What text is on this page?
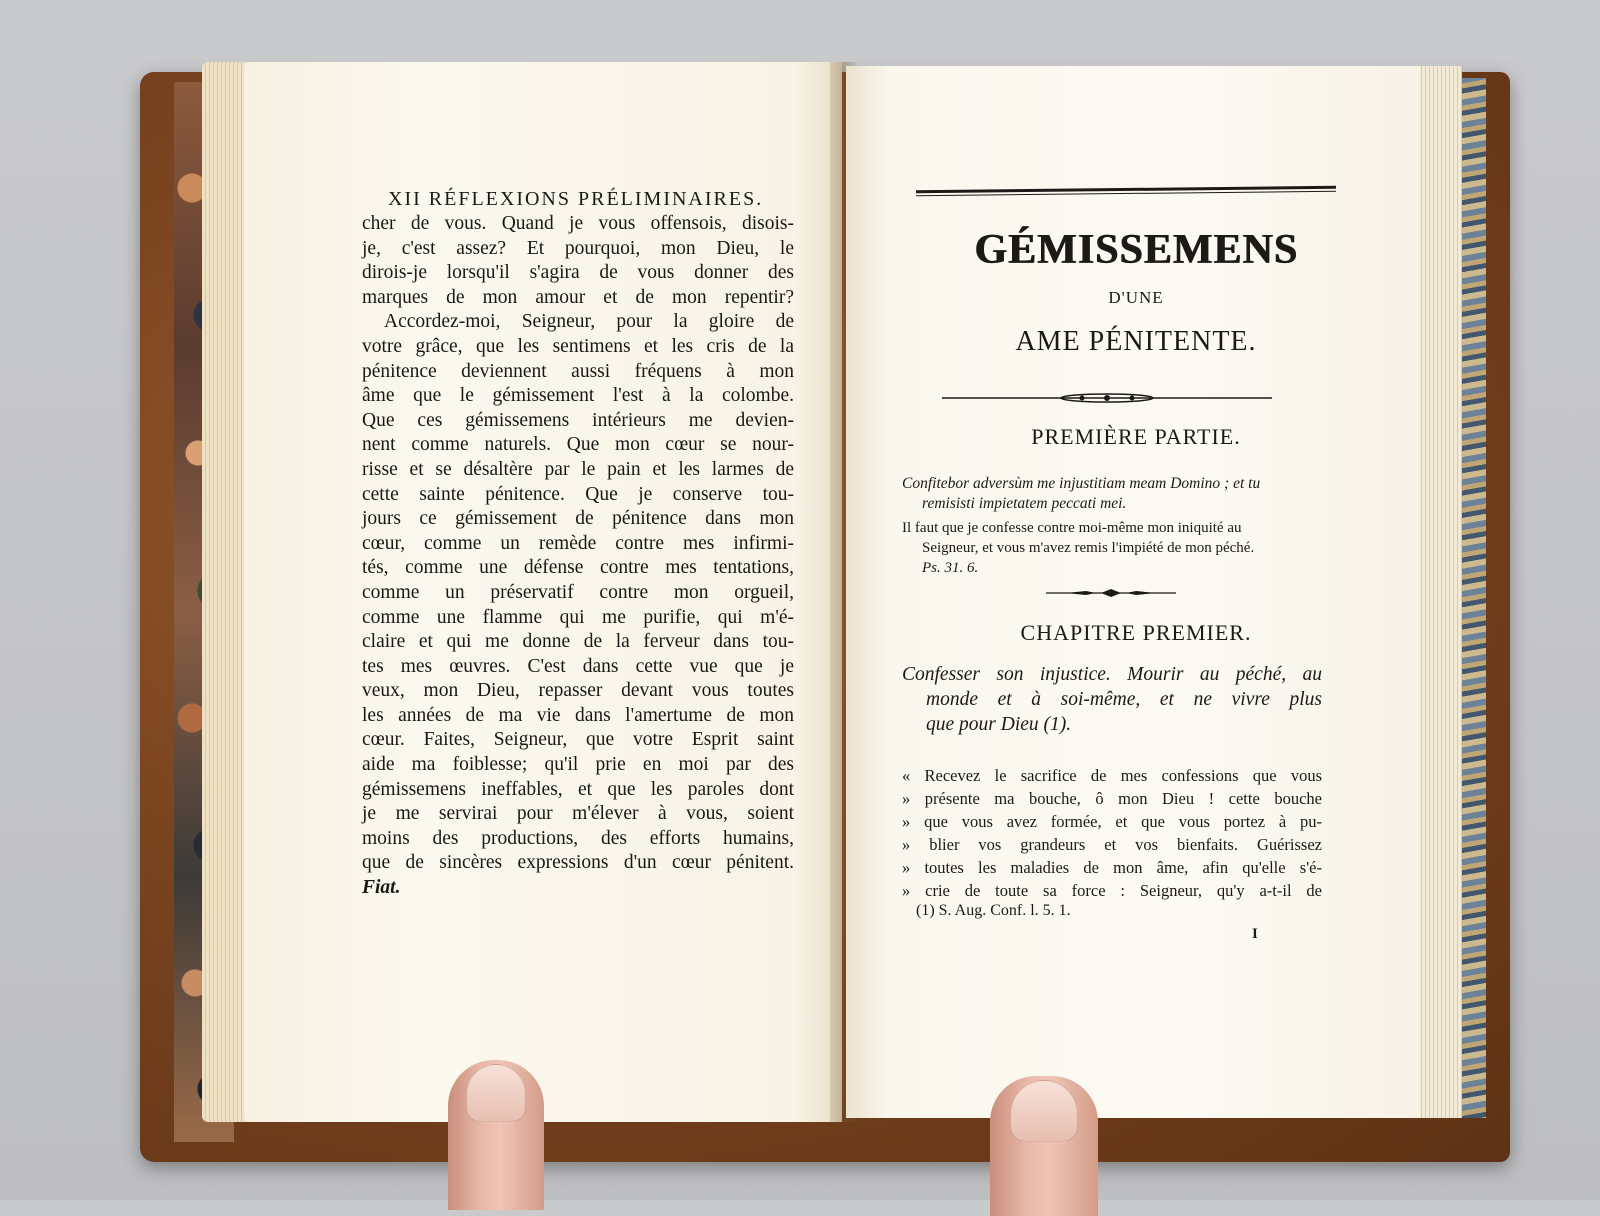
XII RÉFLEXIONS PRÉLIMINAIRES.
cher de vous. Quand je vous offensois, disois-
je, c'est assez? Et pourquoi, mon Dieu, le
dirois-je lorsqu'il s'agira de vous donner des
marques de mon amour et de mon repentir?
Accordez-moi, Seigneur, pour la gloire de
votre grâce, que les sentimens et les cris de la
pénitence deviennent aussi fréquens à mon
âme que le gémissement l'est à la colombe.
Que ces gémissemens intérieurs me devien-
nent comme naturels. Que mon cœur se nour-
risse et se désaltère par le pain et les larmes de
cette sainte pénitence. Que je conserve tou-
jours ce gémissement de pénitence dans mon
cœur, comme un remède contre mes infirmi-
tés, comme une défense contre mes tentations,
comme un préservatif contre mon orgueil,
comme une flamme qui me purifie, qui m'é-
claire et qui me donne de la ferveur dans tou-
tes mes œuvres. C'est dans cette vue que je
veux, mon Dieu, repasser devant vous toutes
les années de ma vie dans l'amertume de mon
cœur. Faites, Seigneur, que votre Esprit saint
aide ma foiblesse; qu'il prie en moi par des
gémissemens ineffables, et que les paroles dont
je me servirai pour m'élever à vous, soient
moins des productions, des efforts humains,
que de sincères expressions d'un cœur pénitent.
Fiat.
GÉMISSEMENS
D'UNE
AME PÉNITENTE.
PREMIÈRE PARTIE.
Confitebor adversùm me injustitiam meam Domino ; et tu
remisisti impietatem peccati mei.
Il faut que je confesse contre moi-même mon iniquité au
Seigneur, et vous m'avez remis l'impiété de mon péché.
Ps. 31. 6.
CHAPITRE PREMIER.
Confesser son injustice. Mourir au péché, au
monde et à soi-même, et ne vivre plus
que pour Dieu (1).
« Recevez le sacrifice de mes confessions que vous
» présente ma bouche, ô mon Dieu ! cette bouche
» que vous avez formée, et que vous portez à pu-
» blier vos grandeurs et vos bienfaits. Guérissez
» toutes les maladies de mon âme, afin qu'elle s'é-
» crie de toute sa force : Seigneur, qu'y a-t-il de
(1) S. Aug. Conf. l. 5. 1.
I
